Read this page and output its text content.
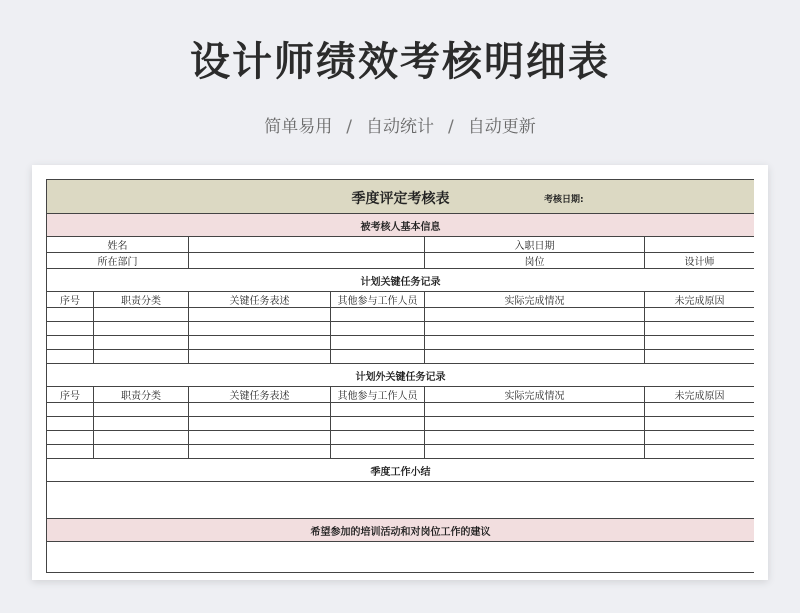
设计师绩效考核明细表
简单易用 / 自动统计 / 自动更新
季度评定考核表 考核日期:					

被考核人基本信息					
姓名				入职日期	
所在部门				岗位	设计师
计划关键任务记录					
序号	职责分类	关键任务表述	其他参与工作人员	实际完成情况	未完成原因

计划外关键任务记录					
序号	职责分类	关键任务表述	其他参与工作人员	实际完成情况	未完成原因

季度工作小结					

希望参加的培训活动和对岗位工作的建议					
